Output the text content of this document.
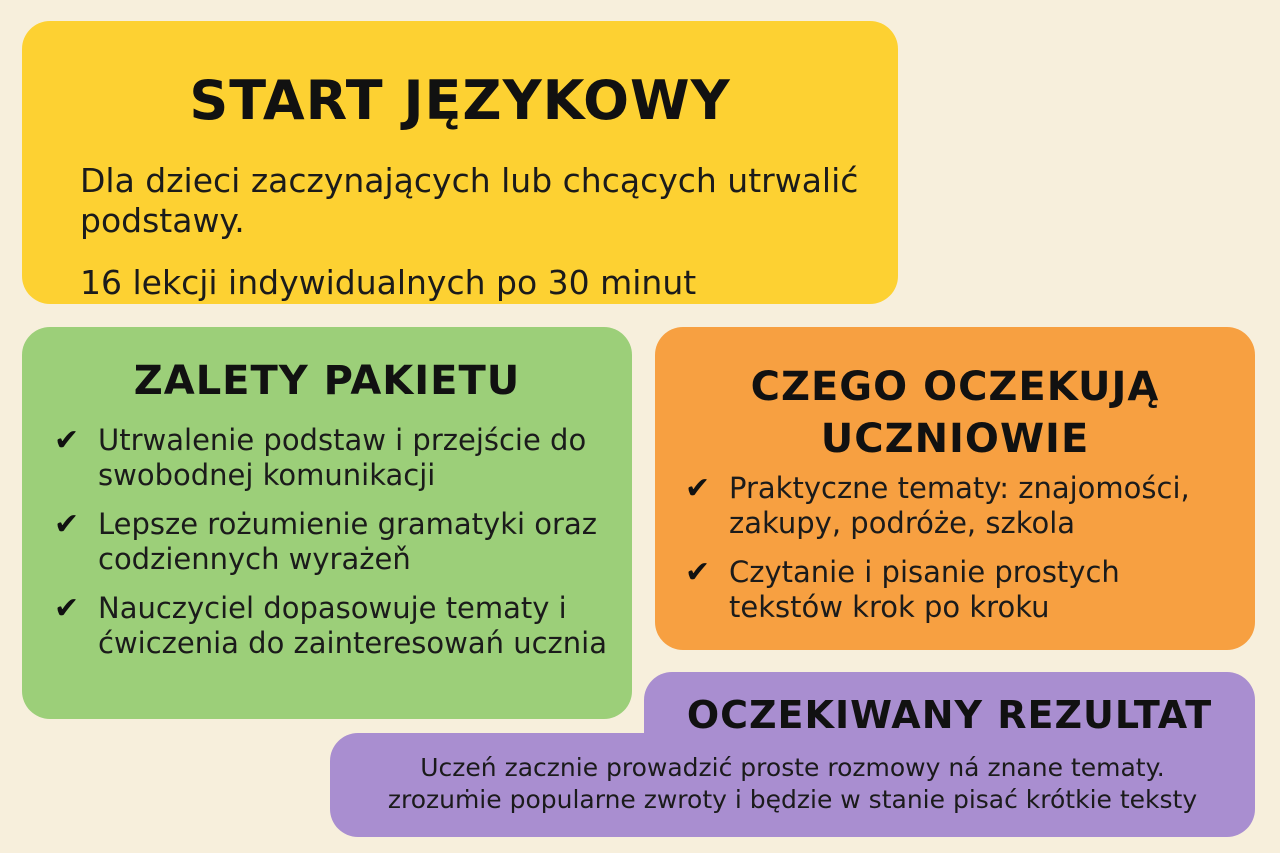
START JĘZYKOWY
Dla dzieci zaczynających lub chcących utrwalić podstawy.
16 lekcji indywidualnych po 30 minut
ZALETY PAKIETU
✔ Utrwalenie podstaw i przejście do swobodnej komunikacji
✔ Lepsze rożumienie gramatyki oraz codziennych wyrażeň
✔ Nauczyciel dopasowuje tematy i ćwiczenia do zainteresowań ucznia
CZEGO OCZEKUJĄ UCZNIOWIE
✔ Praktyczne tematy: znajomości, zakupy, podróże, szkola
✔ Czytanie i pisanie prostych tekstów krok po kroku
OCZEKIWANY REZULTAT
Uczeń zacznie prowadzić proste rozmowy ná znane tematy.
zrozuṁie popularne zwroty i będzie w stanie pisać krótkie teksty
